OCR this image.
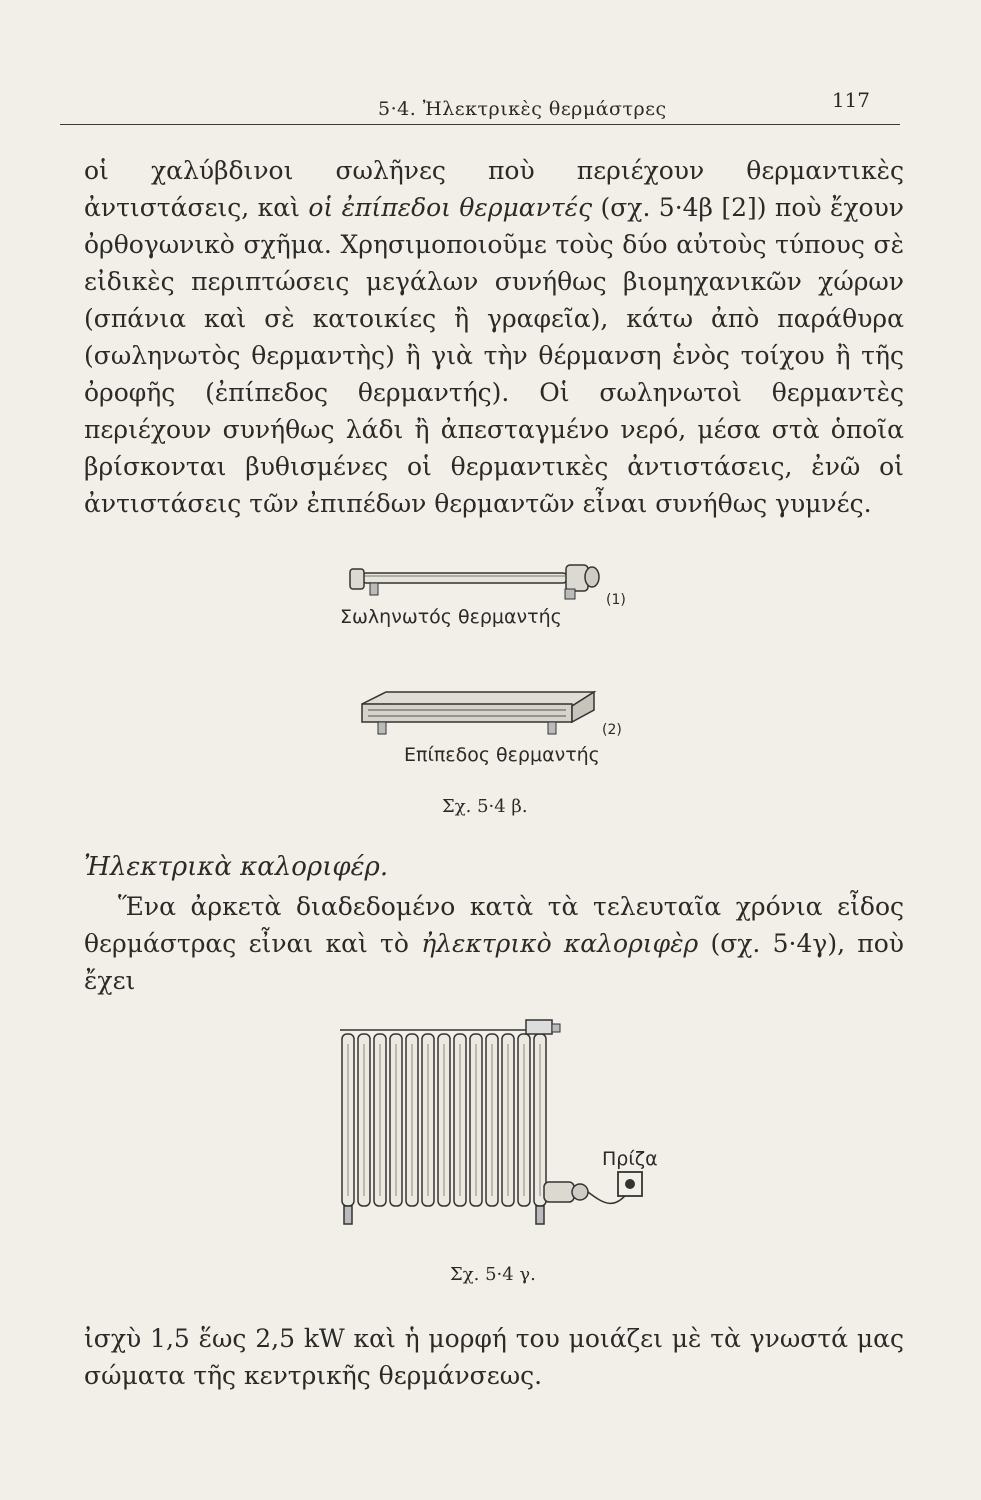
5·4. Ἠλεκτρικὲς θερμάστρες	117

οἱ χαλύβδινοι σωλῆνες ποὺ περιέχουν θερμαντικὲς ἀντιστάσεις, καὶ οἱ ἐπίπεδοι θερμαντές (σχ. 5·4β [2]) ποὺ ἔχουν ὀρθογωνικὸ σχῆμα. Χρησιμοποιοῦμε τοὺς δύο αὐτοὺς τύπους σὲ εἰδικὲς περιπτώσεις μεγάλων συνήθως βιομηχανικῶν χώρων (σπάνια καὶ σὲ κατοικίες ἢ γραφεῖα), κάτω ἀπὸ παράθυρα (σωληνωτὸς θερμαντὴς) ἢ γιὰ τὴν θέρμανση ἑνὸς τοίχου ἢ τῆς ὀροφῆς (ἐπίπεδος θερμαντής). Οἱ σωληνωτοὶ θερμαντὲς περιέχουν συνήθως λάδι ἢ ἀπεσταγμένο νερό, μέσα στὰ ὁποῖα βρίσκονται βυθισμένες οἱ θερμαντικὲς ἀντιστάσεις, ἐνῶ οἱ ἀντιστάσεις τῶν ἐπιπέδων θερμαντῶν εἶναι συνήθως γυμνές.

Σωληνωτός θερμαντής
(1)
Επίπεδος θερμαντής
(2)
Σχ. 5·4 β.
Ἠλεκτρικὰ καλοριφέρ.

Ἕνα ἀρκετὰ διαδεδομένο κατὰ τὰ τελευταῖα χρόνια εἶδος θερμάστρας εἶναι καὶ τὸ ἠλεκτρικὸ καλοριφὲρ (σχ. 5·4γ), ποὺ ἔχει

Πρίζα
Σχ. 5·4 γ.

ἰσχὺ 1,5 ἕως 2,5 kW καὶ ἡ μορφή του μοιάζει μὲ τὰ γνωστά μας σώματα τῆς κεντρικῆς θερμάνσεως.
